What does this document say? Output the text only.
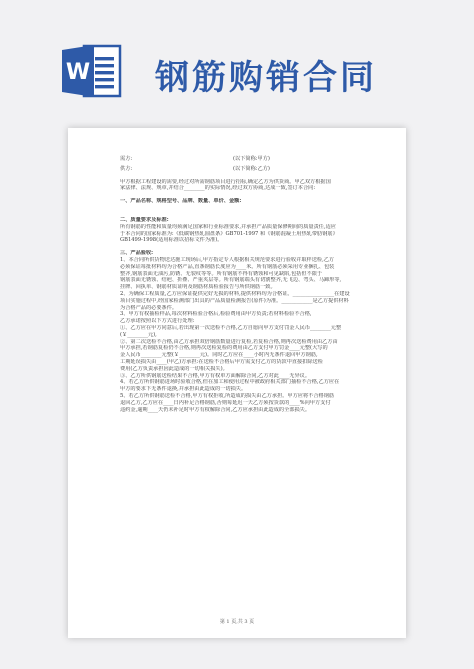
W 钢筋购销合同
需方:	(以下简称:甲方)
供方:	(以下简称:乙方)
甲方根据工程建设的需要,经过对所需钢筋项目进行招标,确定乙方为供货商。甲乙双方根据国
家法律、法规、规章,并结合________的实际情况,经过双方协商,达成一致,签订本合同:
一、产品名称、规格型号、品牌、数量、单价、金额:
二、质量要求及标准:
所有钢筋的性能和质量均须满足国家和行业标准要求,并承担产品质量保修期间的质量责任,适应
于本合同的国家标准为:《低碳钢热轧圆盘条》GB701-1997 和《钢筋混凝土用热轧带肋钢筋》
GB1499-1998(适用标准以招标文件为准)。
三、产品验收:
1、本合同所供货物送达施工现场后,甲方指定专人根据相关规范要求进行验收并取样送检,乙方
必须保证每批材料均为合格产品,直条钢筋长度应为____米。所有钢筋必须采用专业捆扎、包装
整齐,钢筋表面无油污,防锈、无裂纹等等。所有钢筋不得有锈蚀和可见缺陷,包括但不限于
钢筋表面无锈蚀、结疤、折叠、严重夹层等。所有钢筋端头有切割整齐,无飞边、弯头、马蹄形等,
挂牌、回执单、钢筋材质证明及钢筋材质检验报告与所供钢筋一致。
2、为确保工程质量,乙方应保证提供完好无损的材料,提供材料均为合格证。________________在建设
项目实施过程中,经国家检测部门出具的产品质量检测报告(原件)为准。____________是乙方提供材料
为合格产品的必要条件。
3、甲方有权抽检样品,每次材料检验合格后,检验费用由甲方负责;若材料检验不合格,
乙方承诺按照以下方式进行处理:
①、乙方应在甲方同意后,若出现第一次送检不合格,乙方自愿向甲方支付罚金人民币________元整
(￥________元),
②、第二次送检不合格,由乙方承担双倍钢筋数量进行复检,若复检合格,则再次送检费用由乙方由
甲方承担,若钢筋复检仍不合格,则再次送检复检的费用由乙方支付甲方罚金____元整(大写的
金人民币________元整(￥________元)。同时乙方应在____小时内无条件退回甲方钢筋,
工期延误损失由____(甲乙)方承担:在送检不合格后甲方需支付乙方的货款中直接扣除送检
费用(乙方负责承担因此造成的一切相关损失)。
③、乙方所供钢筋送检结果不合格,甲方有权单方面解除合同,乙方对此____无异议。
4、若乙方所供钢筋进场时验收合格,但在加工和使用过程中被政府相关部门抽检不合格,乙方应在
甲方的要求下无条件退换,并承担由此造成的一切损失。
5、若乙方所供钢筋送检不合格,甲方有权拒收,所造成的损失由乙方承担。甲方应将不合格钢筋
退回乙方,乙方应在____日内补足合格钢筋,否则每延迟一天乙方须按货款的____%向甲方支付
违约金,逾期____天仍未补足时甲方有权解除合同,乙方应承担由此造成的全部损失。
第 1 页,共 3 页
